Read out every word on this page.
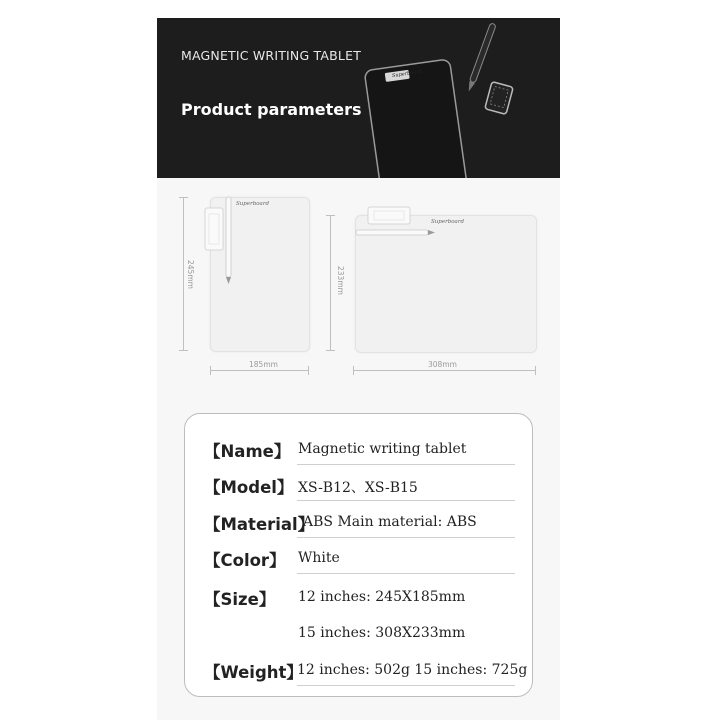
MAGNETIC WRITING TABLET
Product parameters
Superboard
245mm
Superboard
185mm
233mm
Superboard
308mm
【Name】 Magnetic writing tablet
【Model】 XS-B12、XS-B15
【Material】
ABS Main material: ABS
【Color】 White
【Size】 12 inches: 245X185mm
15 inches: 308X233mm
【Weight】
12 inches: 502g 15 inches: 725g
